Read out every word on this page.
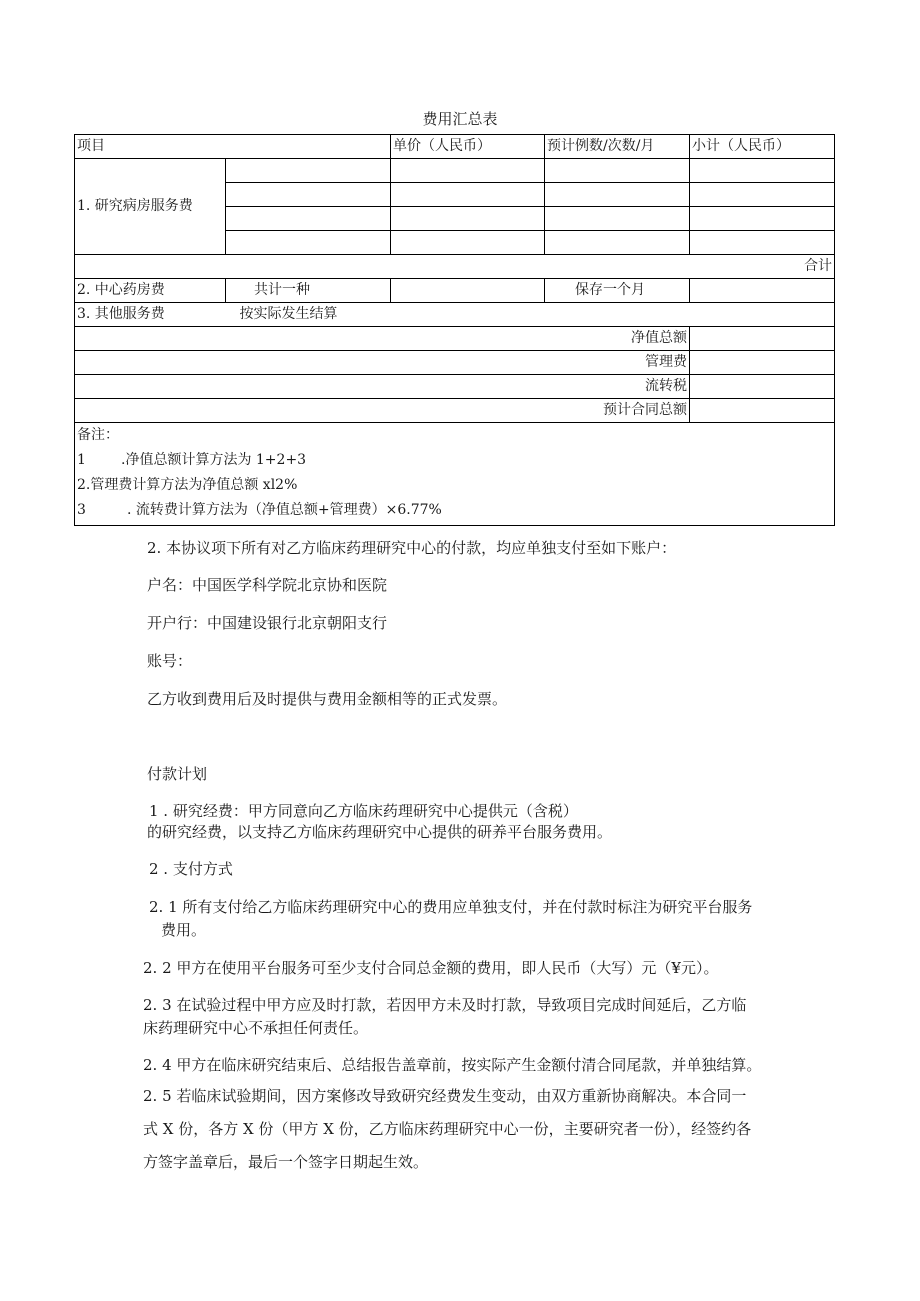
费用汇总表
项目		单价（人民币）	预计例数/次数/月	小计（人民币）
1. 研究病房服务费				

合计				
2. 中心药房费	共计一种		保存一个月	
3. 其他服务费	按实际发生结算			
净值总额				
管理费				
流转税				
预计合同总额				

备注：
1 .净值总额计算方法为 1+2+3
2.管理费计算方法为净值总额 xl2%
3 . 流转费计算方法为（净值总额+管理费）×6.77%				
2. 本协议项下所有对乙方临床药理研究中心的付款，均应单独支付至如下账户：
户名：中国医学科学院北京协和医院
开户行：中国建设银行北京朝阳支行
账号：
乙方收到费用后及时提供与费用金额相等的正式发票。
付款计划
1 . 研究经费：甲方同意向乙方临床药理研究中心提供元（含税）
的研究经费，以支持乙方临床药理研究中心提供的研养平台服务费用。
2 . 支付方式
2. 1 所有支付给乙方临床药理研究中心的费用应单独支付，并在付款时标注为研究平台服务
费用。
2. 2 甲方在使用平台服务可至少支付合同总金额的费用，即人民币（大写）元（¥元）。
2. 3 在试验过程中甲方应及时打款，若因甲方未及时打款，导致项目完成时间延后，乙方临
床药理研究中心不承担任何责任。
2. 4 甲方在临床研究结束后、总结报告盖章前，按实际产生金额付清合同尾款，并单独结算。
2. 5 若临床试验期间，因方案修改导致研究经费发生变动，由双方重新协商解决。本合同一
式 X 份，各方 X 份（甲方 X 份，乙方临床药理研究中心一份，主要研究者一份），经签约各
方签字盖章后，最后一个签字日期起生效。
